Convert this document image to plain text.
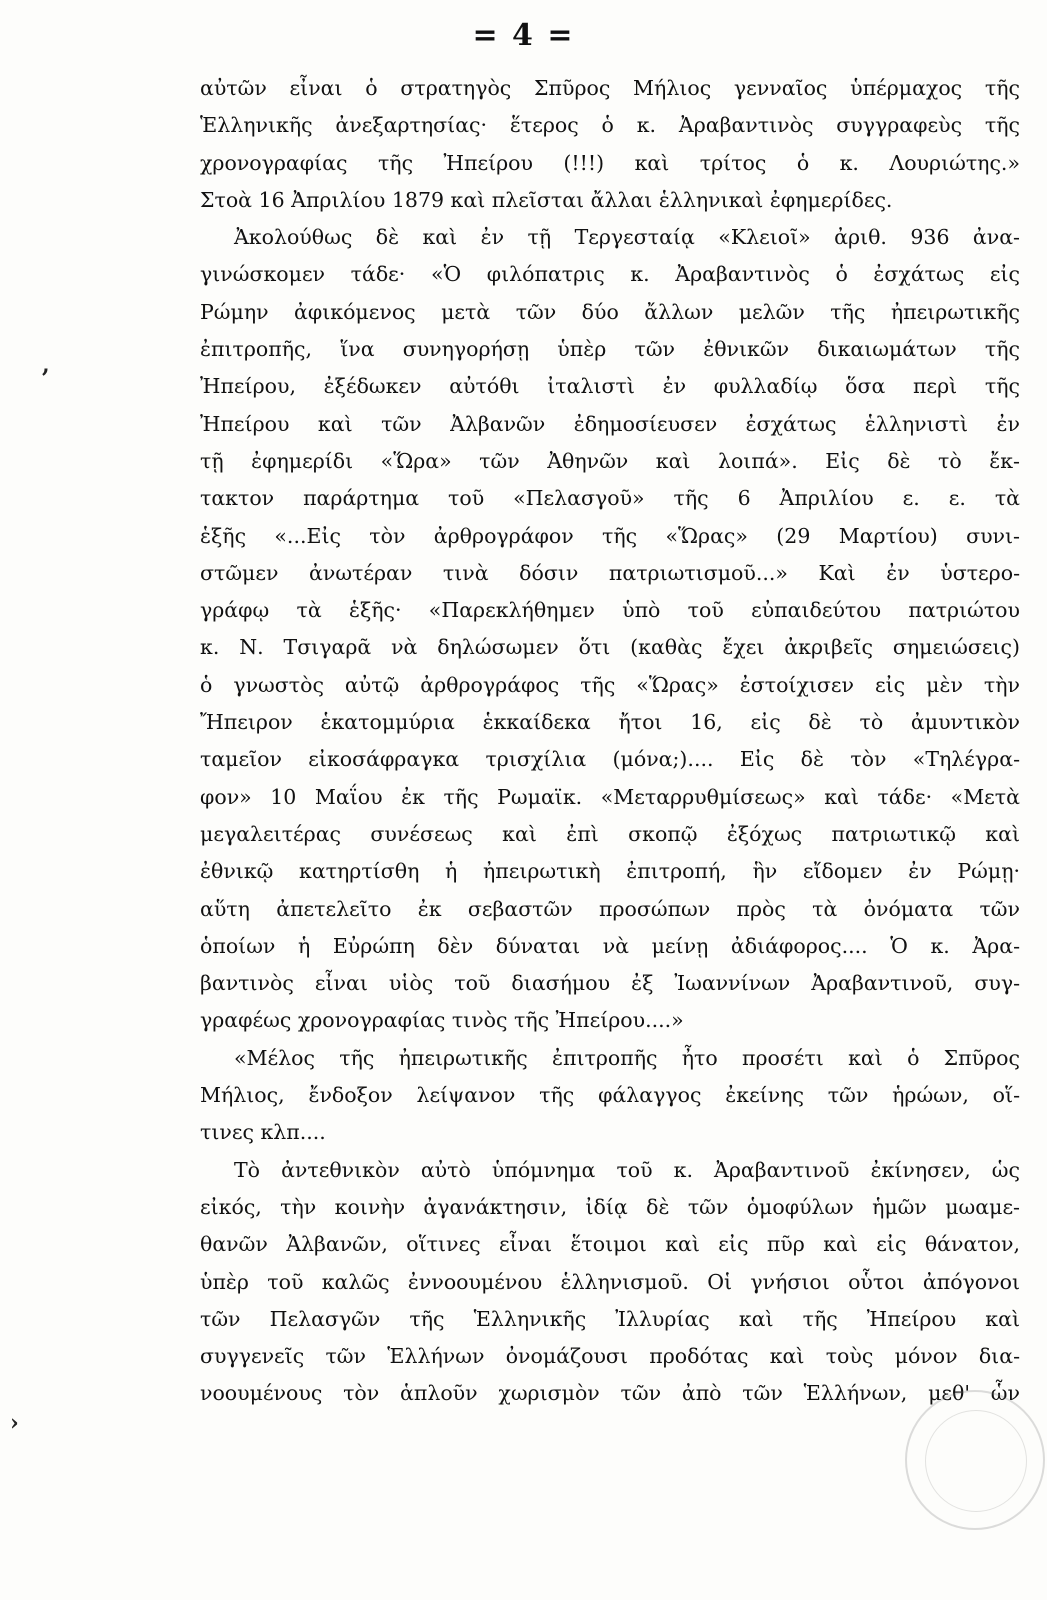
= 4 =
αὐτῶν εἶναι ὁ στρατηγὸς Σπῦρος Μήλιος γενναῖος ὑπέρμαχος τῆς
Ἑλληνικῆς ἀνεξαρτησίας· ἕτερος ὁ κ. Ἀραβαντινὸς συγγραφεὺς τῆς
χρονογραφίας τῆς Ἠπείρου (!!!) καὶ τρίτος ὁ κ. Λουριώτης.»
Στοὰ 16 Ἀπριλίου 1879 καὶ πλεῖσται ἄλλαι ἑλληνικαὶ ἐφημερίδες.
Ἀκολούθως δὲ καὶ ἐν τῇ Τεργεσταίᾳ «Κλειοῖ» ἀριθ. 936 ἀνα-
γινώσκομεν τάδε· «Ὁ φιλόπατρις κ. Ἀραβαντινὸς ὁ ἐσχάτως εἰς
Ρώμην ἀφικόμενος μετὰ τῶν δύο ἄλλων μελῶν τῆς ἠπειρωτικῆς
ἐπιτροπῆς, ἵνα συνηγορήσῃ ὑπὲρ τῶν ἐθνικῶν δικαιωμάτων τῆς
Ἠπείρου, ἐξέδωκεν αὐτόθι ἰταλιστὶ ἐν φυλλαδίῳ ὅσα περὶ τῆς
Ἠπείρου καὶ τῶν Ἀλβανῶν ἐδημοσίευσεν ἐσχάτως ἑλληνιστὶ ἐν
τῇ ἐφημερίδι «Ὥρα» τῶν Ἀθηνῶν καὶ λοιπά». Εἰς δὲ τὸ ἔκ-
τακτον παράρτημα τοῦ «Πελασγοῦ» τῆς 6 Ἀπριλίου ε. ε. τὰ
ἑξῆς «...Εἰς τὸν ἀρθρογράφον τῆς «Ὥρας» (29 Μαρτίου) συνι-
στῶμεν ἀνωτέραν τινὰ δόσιν πατριωτισμοῦ...» Καὶ ἐν ὑστερο-
γράφῳ τὰ ἑξῆς· «Παρεκλήθημεν ὑπὸ τοῦ εὐπαιδεύτου πατριώτου
κ. Ν. Τσιγαρᾶ νὰ δηλώσωμεν ὅτι (καθὰς ἔχει ἀκριβεῖς σημειώσεις)
ὁ γνωστὸς αὐτῷ ἀρθρογράφος τῆς «Ὥρας» ἐστοίχισεν εἰς μὲν τὴν
Ἤπειρον ἑκατομμύρια ἑκκαίδεκα ἤτοι 16, εἰς δὲ τὸ ἀμυντικὸν
ταμεῖον εἰκοσάφραγκα τρισχίλια (μόνα;).... Εἰς δὲ τὸν «Τηλέγρα-
φον» 10 Μαΐου ἐκ τῆς Ρωμαϊκ. «Μεταρρυθμίσεως» καὶ τάδε· «Μετὰ
μεγαλειτέρας συνέσεως καὶ ἐπὶ σκοπῷ ἐξόχως πατριωτικῷ καὶ
ἐθνικῷ κατηρτίσθη ἡ ἠπειρωτικὴ ἐπιτροπή, ἣν εἴδομεν ἐν Ρώμῃ·
αὕτη ἀπετελεῖτο ἐκ σεβαστῶν προσώπων πρὸς τὰ ὀνόματα τῶν
ὁποίων ἡ Εὐρώπη δὲν δύναται νὰ μείνῃ ἀδιάφορος.... Ὁ κ. Ἀρα-
βαντινὸς εἶναι υἱὸς τοῦ διασήμου ἐξ Ἰωαννίνων Ἀραβαντινοῦ, συγ-
γραφέως χρονογραφίας τινὸς τῆς Ἠπείρου....»
«Μέλος τῆς ἠπειρωτικῆς ἐπιτροπῆς ἦτο προσέτι καὶ ὁ Σπῦρος
Μήλιος, ἔνδοξον λείψανον τῆς φάλαγγος ἐκείνης τῶν ἡρώων, οἵ-
τινες κλπ....
Τὸ ἀντεθνικὸν αὐτὸ ὑπόμνημα τοῦ κ. Ἀραβαντινοῦ ἐκίνησεν, ὡς
εἰκός, τὴν κοινὴν ἀγανάκτησιν, ἰδίᾳ δὲ τῶν ὁμοφύλων ἡμῶν μωαμε-
θανῶν Ἀλβανῶν, οἵτινες εἶναι ἕτοιμοι καὶ εἰς πῦρ καὶ εἰς θάνατον,
ὑπὲρ τοῦ καλῶς ἐννοουμένου ἑλληνισμοῦ. Οἱ γνήσιοι οὗτοι ἀπόγονοι
τῶν Πελασγῶν τῆς Ἑλληνικῆς Ἰλλυρίας καὶ τῆς Ἠπείρου καὶ
συγγενεῖς τῶν Ἑλλήνων ὀνομάζουσι προδότας καὶ τοὺς μόνον δια-
νοουμένους τὸν ἁπλοῦν χωρισμὸν τῶν ἀπὸ τῶν Ἑλλήνων, μεθ' ὧν
,
›
